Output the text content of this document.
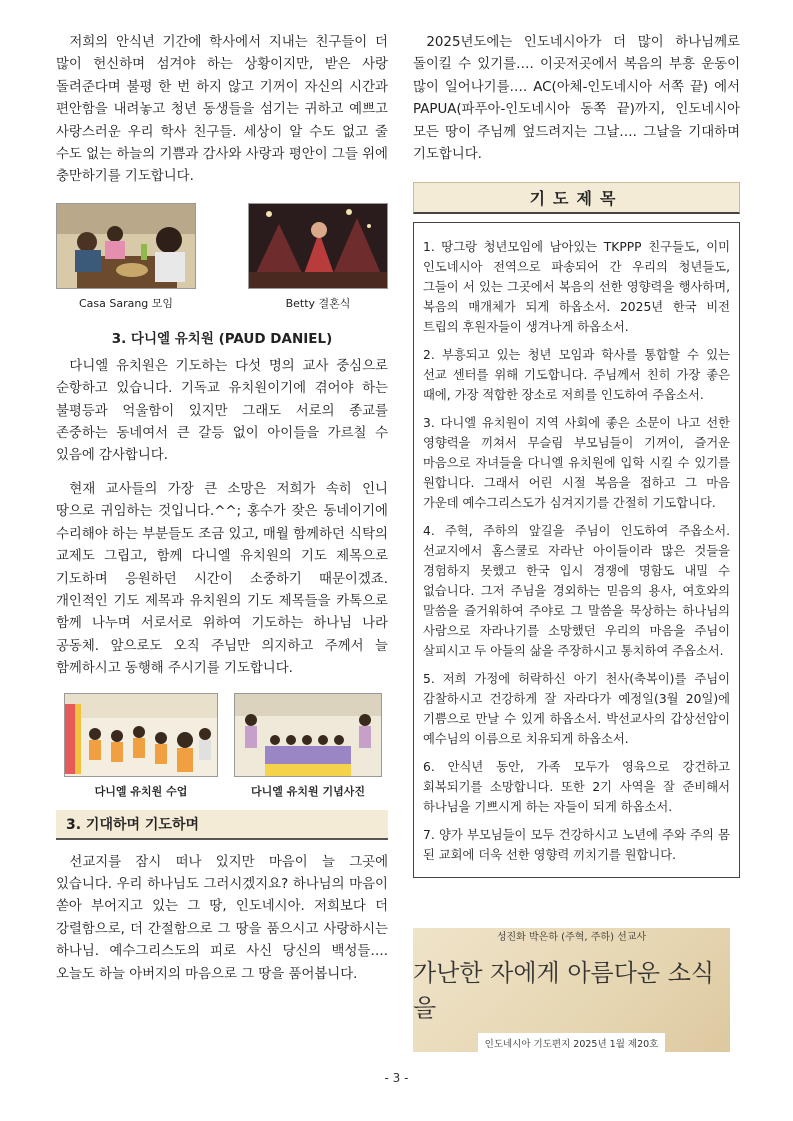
저희의 안식년 기간에 학사에서 지내는 친구들이 더 많이 헌신하며 섬겨야 하는 상황이지만, 받은 사랑 돌려준다며 불평 한 번 하지 않고 기꺼이 자신의 시간과 편안함을 내려놓고 청년 동생들을 섬기는 귀하고 예쁘고 사랑스러운 우리 학사 친구들. 세상이 알 수도 없고 줄 수도 없는 하늘의 기쁨과 감사와 사랑과 평안이 그들 위에 충만하기를 기도합니다.

Casa Sarang 모임	Betty 결혼식

3. 다니엘 유치원 (PAUD DANIEL)

다니엘 유치원은 기도하는 다섯 명의 교사 중심으로 순항하고 있습니다. 기독교 유치원이기에 겪어야 하는 불평등과 억울함이 있지만 그래도 서로의 종교를 존중하는 동네여서 큰 갈등 없이 아이들을 가르칠 수 있음에 감사합니다.

현재 교사들의 가장 큰 소망은 저희가 속히 인니 땅으로 귀임하는 것입니다.^^; 홍수가 잦은 동네이기에 수리해야 하는 부분들도 조금 있고, 매월 함께하던 식탁의 교제도 그립고, 함께 다니엘 유치원의 기도 제목으로 기도하며 응원하던 시간이 소중하기 때문이겠죠. 개인적인 기도 제목과 유치원의 기도 제목들을 카톡으로 함께 나누며 서로서로 위하여 기도하는 하나님 나라 공동체. 앞으로도 오직 주님만 의지하고 주께서 늘 함께하시고 동행해 주시기를 기도합니다.

다니엘 유치원 수업	다니엘 유치원 기념사진
3. 기대하며 기도하며

선교지를 잠시 떠나 있지만 마음이 늘 그곳에 있습니다. 우리 하나님도 그러시겠지요? 하나님의 마음이 쏟아 부어지고 있는 그 땅, 인도네시아. 저희보다 더 강렬함으로, 더 간절함으로 그 땅을 품으시고 사랑하시는 하나님. 예수그리스도의 피로 사신 당신의 백성들…. 오늘도 하늘 아버지의 마음으로 그 땅을 품어봅니다.

2025년도에는 인도네시아가 더 많이 하나님께로 돌이킬 수 있기를…. 이곳저곳에서 복음의 부흥 운동이 많이 일어나기를…. AC(아체-인도네시아 서쪽 끝) 에서 PAPUA(파푸아-인도네시아 동쪽 끝)까지, 인도네시아 모든 땅이 주님께 엎드려지는 그날…. 그날을 기대하며 기도합니다.

기도제목

1. 땅그랑 청년모임에 남아있는 TKPPP 친구들도, 이미 인도네시아 전역으로 파송되어 간 우리의 청년들도, 그들이 서 있는 그곳에서 복음의 선한 영향력을 행사하며, 복음의 매개체가 되게 하옵소서. 2025년 한국 비전 트립의 후원자들이 생겨나게 하옵소서.

2. 부흥되고 있는 청년 모임과 학사를 통합할 수 있는 선교 센터를 위해 기도합니다. 주님께서 친히 가장 좋은 때에, 가장 적합한 장소로 저희를 인도하여 주옵소서.

3. 다니엘 유치원이 지역 사회에 좋은 소문이 나고 선한 영향력을 끼쳐서 무슬림 부모님들이 기꺼이, 즐거운 마음으로 자녀들을 다니엘 유치원에 입학 시킬 수 있기를 원합니다. 그래서 어린 시절 복음을 접하고 그 마음 가운데 예수그리스도가 심겨지기를 간절히 기도합니다.

4. 주혁, 주하의 앞길을 주님이 인도하여 주옵소서. 선교지에서 홈스쿨로 자라난 아이들이라 많은 것들을 경험하지 못했고 한국 입시 경쟁에 명함도 내밀 수 없습니다. 그저 주님을 경외하는 믿음의 용사, 여호와의 말씀을 즐거워하여 주야로 그 말씀을 묵상하는 하나님의 사람으로 자라나기를 소망했던 우리의 마음을 주님이 살피시고 두 아들의 삶을 주장하시고 통치하여 주옵소서.

5. 저희 가정에 허락하신 아기 천사(축복이)를 주님이 감찰하시고 건강하게 잘 자라다가 예정일(3월 20일)에 기쁨으로 만날 수 있게 하옵소서. 박선교사의 갑상선암이 예수님의 이름으로 치유되게 하옵소서.

6. 안식년 동안, 가족 모두가 영육으로 강건하고 회복되기를 소망합니다. 또한 2기 사역을 잘 준비해서 하나님을 기쁘시게 하는 자들이 되게 하옵소서.

7. 양가 부모님들이 모두 건강하시고 노년에 주와 주의 몸 된 교회에 더욱 선한 영향력 끼치기를 원합니다.

성진화 박은하 (주혁, 주하) 선교사
가난한 자에게 아름다운 소식을
인도네시아 기도편지 2025년 1월 제20호
- 3 -
